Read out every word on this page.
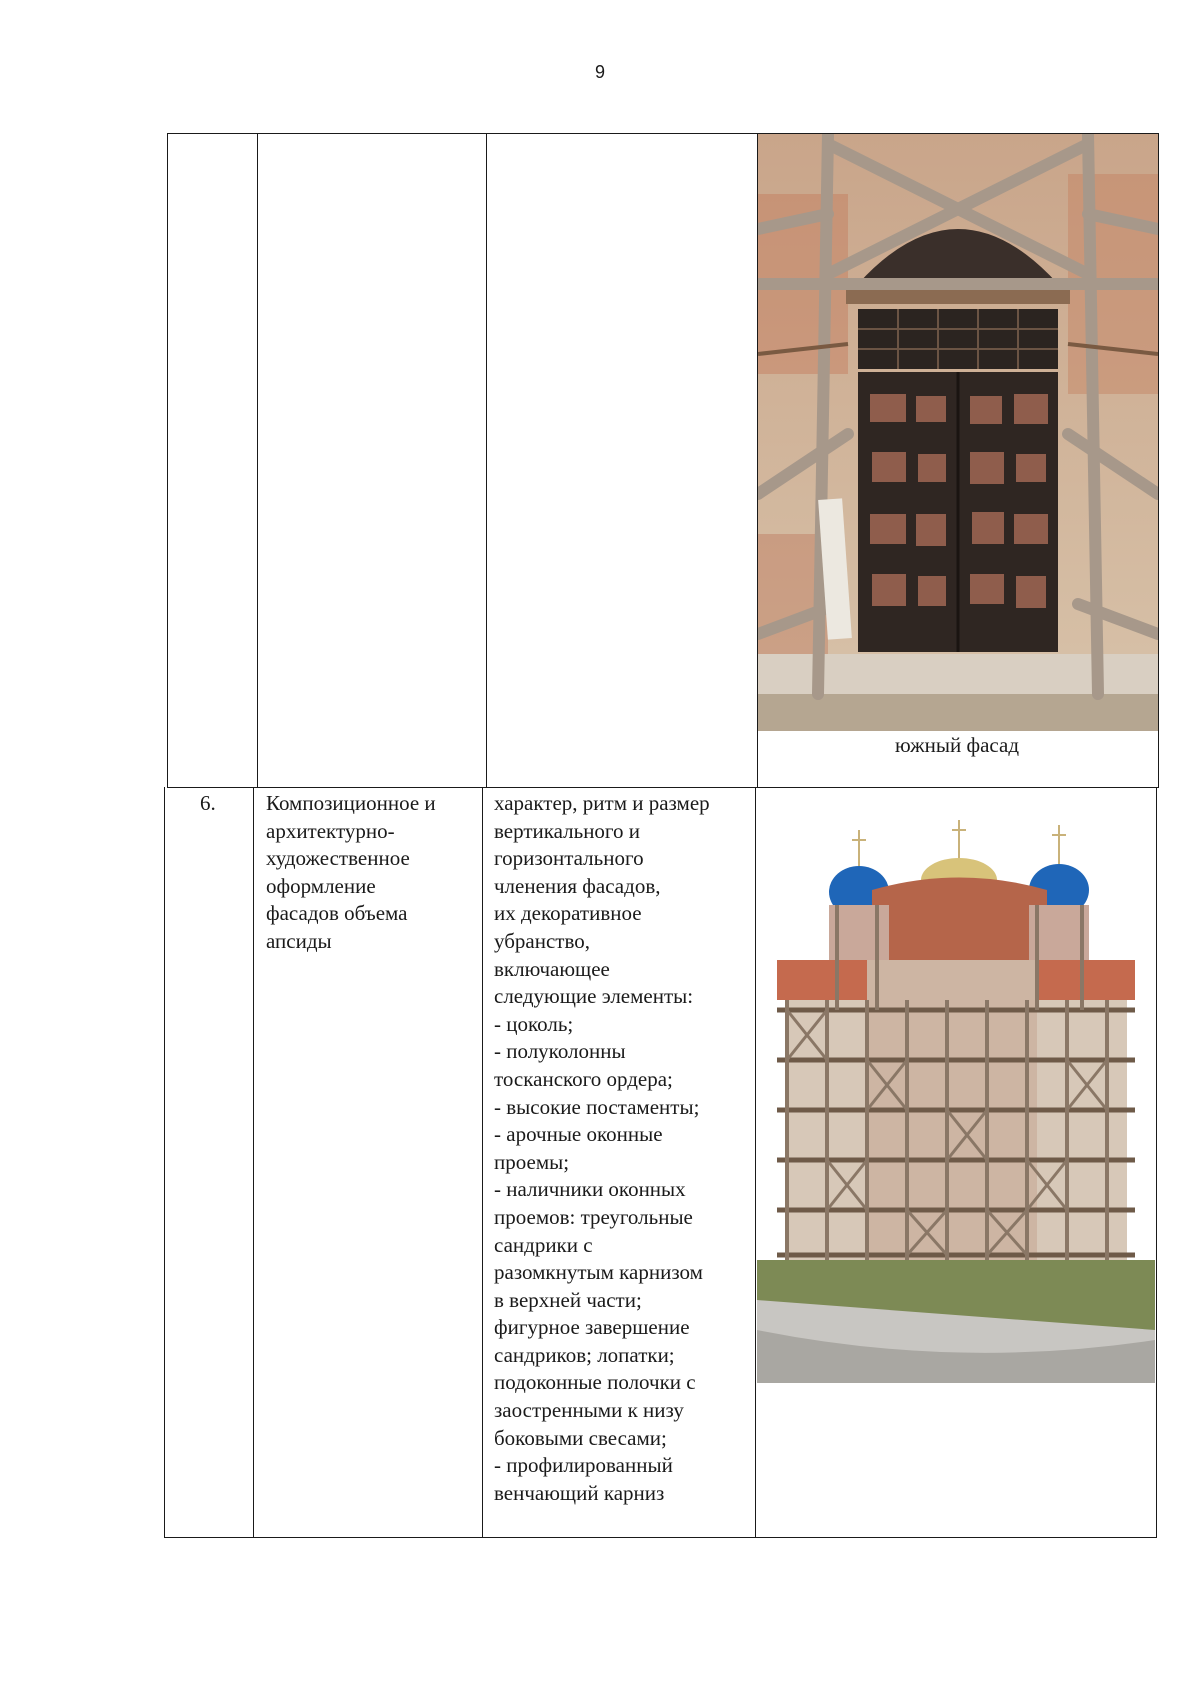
9
южный фасад
6. Композиционное и
архитектурно-
художественное
оформление
фасадов объема
апсиды
характер, ритм и размер
вертикального и
горизонтального
членения фасадов,
их декоративное
убранство,
включающее
следующие элементы:
- цоколь;
- полуколонны
тосканского ордера;
- высокие постаменты;
- арочные оконные
проемы;
- наличники оконных
проемов: треугольные
сандрики с
разомкнутым карнизом
в верхней части;
фигурное завершение
сандриков; лопатки;
подоконные полочки с
заостренными к низу
боковыми свесами;
- профилированный
венчающий карниз
